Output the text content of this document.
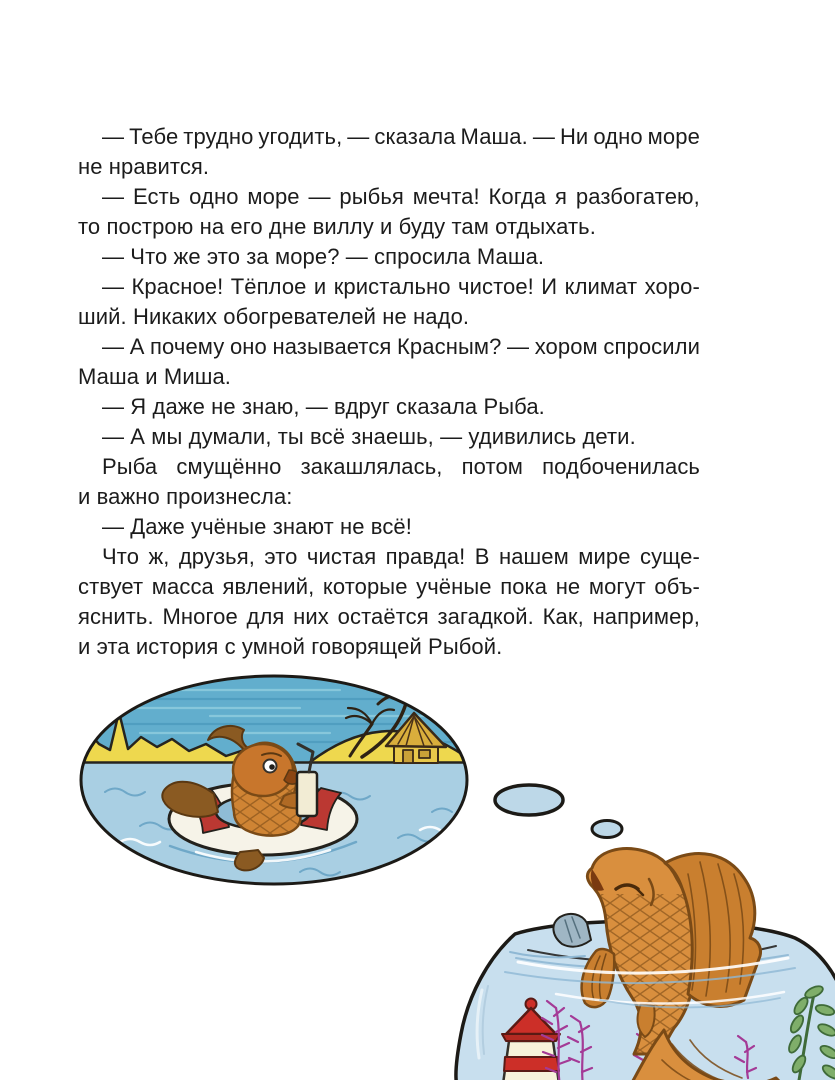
— Тебе трудно угодить, — сказала Маша. — Ни одно море
не нравится.
— Есть одно море — рыбья мечта! Когда я разбогатею,
то построю на его дне виллу и буду там отдыхать.
— Что же это за море? — спросила Маша.
— Красное! Тёплое и кристально чистое! И климат хоро-
ший. Никаких обогревателей не надо.
— А почему оно называется Красным? — хором спросили
Маша и Миша.
— Я даже не знаю, — вдруг сказала Рыба.
— А мы думали, ты всё знаешь, — удивились дети.
Рыба смущённо закашлялась, потом подбоченилась
и важно произнесла:
— Даже учёные знают не всё!
Что ж, друзья, это чистая правда! В нашем мире суще-
ствует масса явлений, которые учёные пока не могут объ-
яснить. Многое для них остаётся загадкой. Как, например,
и эта история с умной говорящей Рыбой.
